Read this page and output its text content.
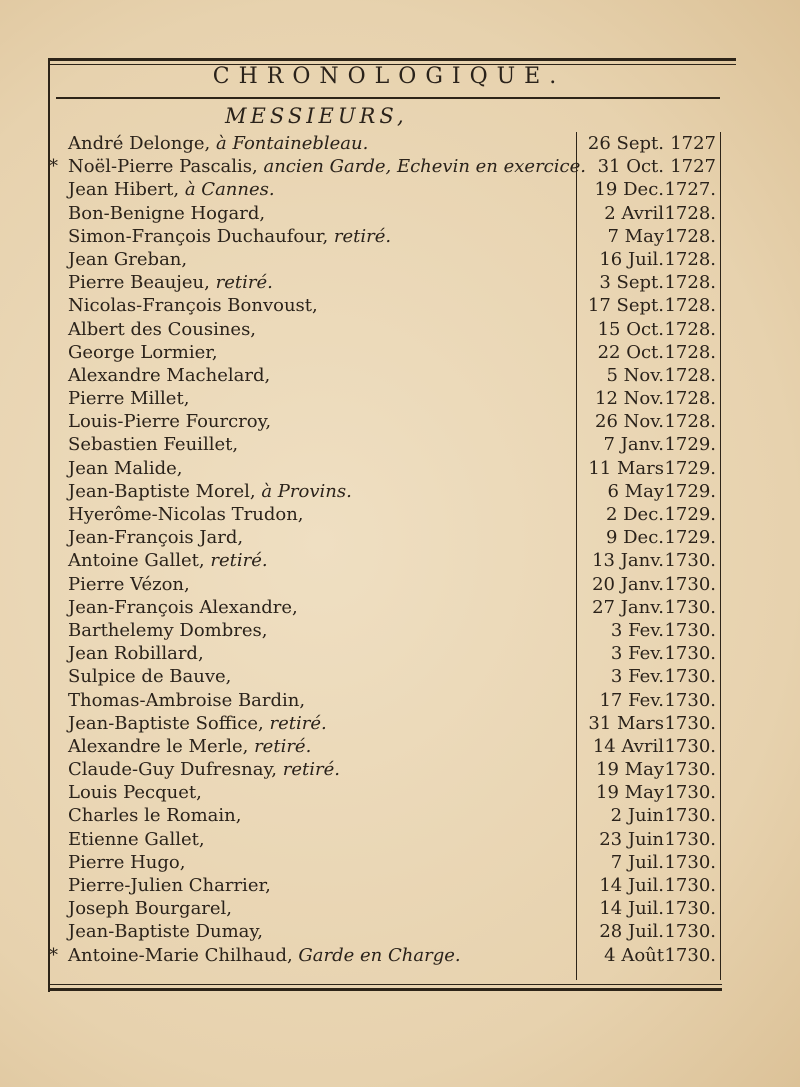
CHRONOLOGIQUE.
MESSIEURS,
André Delonge, à Fontainebleau.
* Noël-Pierre Pascalis, ancien Garde, Echevin en exercice.
Jean Hibert, à Cannes.
Bon-Benigne Hogard,
Simon-François Duchaufour, retiré.
Jean Greban,
Pierre Beaujeu, retiré.
Nicolas-François Bonvoust,
Albert des Cousines,
George Lormier,
Alexandre Machelard,
Pierre Millet,
Louis-Pierre Fourcroy,
Sebastien Feuillet,
Jean Malide,
Jean-Baptiste Morel, à Provins.
Hyerôme-Nicolas Trudon,
Jean-François Jard,
Antoine Gallet, retiré.
Pierre Vézon,
Jean-François Alexandre,
Barthelemy Dombres,
Jean Robillard,
Sulpice de Bauve,
Thomas-Ambroise Bardin,
Jean-Baptiste Soffice, retiré.
Alexandre le Merle, retiré.
Claude-Guy Dufresnay, retiré.
Louis Pecquet,
Charles le Romain,
Etienne Gallet,
Pierre Hugo,
Pierre-Julien Charrier,
Joseph Bourgarel,
Jean-Baptiste Dumay,
* Antoine-Marie Chilhaud, Garde en Charge.
26 Sept. 1727
31 Oct. 1727
19 Dec. 1727.
2 Avril 1728.
7 May 1728.
16 Juil. 1728.
3 Sept. 1728.
17 Sept. 1728.
15 Oct. 1728.
22 Oct. 1728.
5 Nov. 1728.
12 Nov. 1728.
26 Nov. 1728.
7 Janv. 1729.
11 Mars 1729.
6 May 1729.
2 Dec. 1729.
9 Dec. 1729.
13 Janv. 1730.
20 Janv. 1730.
27 Janv. 1730.
3 Fev. 1730.
3 Fev. 1730.
3 Fev. 1730.
17 Fev. 1730.
31 Mars 1730.
14 Avril 1730.
19 May 1730.
19 May 1730.
2 Juin 1730.
23 Juin 1730.
7 Juil. 1730.
14 Juil. 1730.
14 Juil. 1730.
28 Juil. 1730.
4 Août 1730.
